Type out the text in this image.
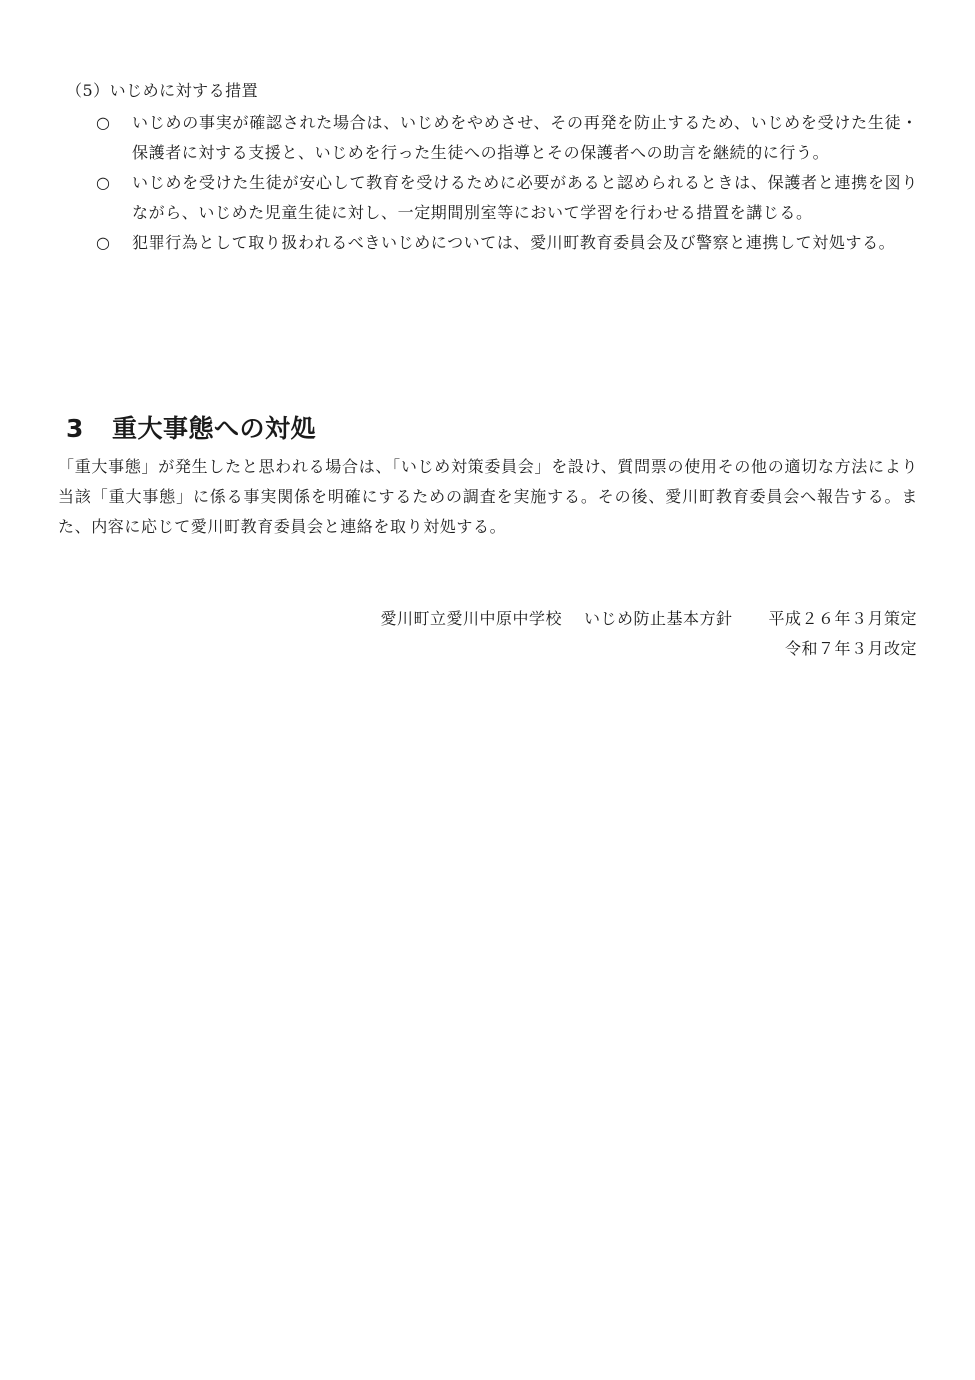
（5）いじめに対する措置
○ いじめの事実が確認された場合は、いじめをやめさせ、その再発を防止するため、いじめを受けた生徒・保護者に対する支援と、いじめを行った生徒への指導とその保護者への助言を継続的に行う。
○ いじめを受けた生徒が安心して教育を受けるために必要があると認められるときは、保護者と連携を図りながら、いじめた児童生徒に対し、一定期間別室等において学習を行わせる措置を講じる。
○ 犯罪行為として取り扱われるべきいじめについては、愛川町教育委員会及び警察と連携して対処する。
3 重大事態への対処

「重大事態」が発生したと思われる場合は、「いじめ対策委員会」を設け、質問票の使用その他の適切な方法により当該「重大事態」に係る事実関係を明確にするための調査を実施する。その後、愛川町教育委員会へ報告する。また、内容に応じて愛川町教育委員会と連絡を取り対処する。

愛川町立愛川中原中学校 いじめ防止基本方針 平成２６年３月策定
令和７年３月改定
